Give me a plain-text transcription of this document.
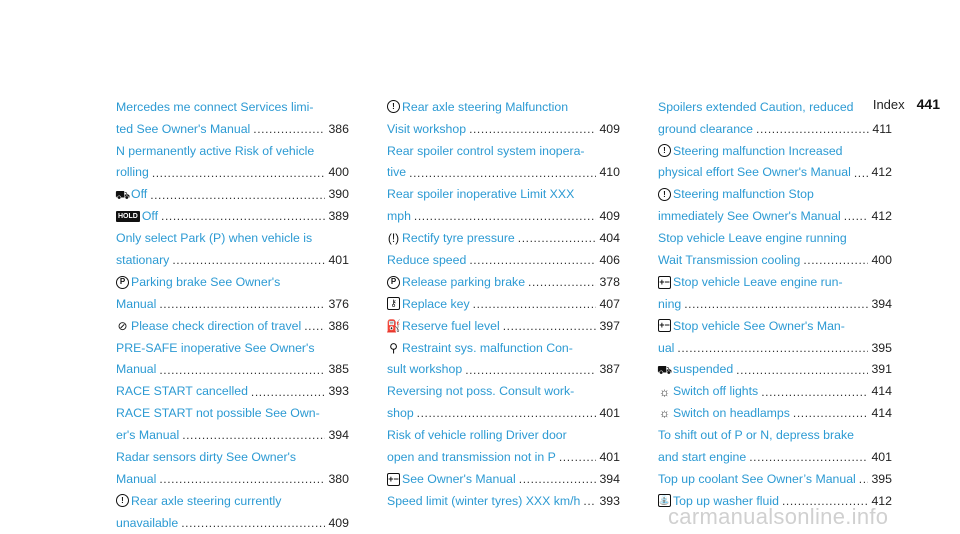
Index 441
Mercedes me connect Services limi-
ted See Owner's Manual .....	386
N permanently active Risk of vehicle
rolling .....	400
⛟ Off .....	390
HOLD Off .....	389
Only select Park (P) when vehicle is
stationary .....	401
P Parking brake See Owner's
Manual .....	376
⊘ Please check direction of travel ..... 386
PRE-SAFE inoperative See Owner's
Manual .....	385
RACE START cancelled .....	393
RACE START not possible See Own-
er's Manual .....	394
Radar sensors dirty See Owner's
Manual .....	380
! Rear axle steering currently
unavailable .....	409
! Rear axle steering Malfunction
Visit workshop .....	409
Rear spoiler control system inopera-
tive .....	410
Rear spoiler inoperative Limit XXX
mph .....	409
(!) Rectify tyre pressure .....	404
Reduce speed .....	406
P Release parking brake .....	378
⚷ Replace key .....	407
⛽ Reserve fuel level .....	397
⚲ Restraint sys. malfunction Con-
sult workshop .....	387
Reversing not poss. Consult work-
shop .....	401
Risk of vehicle rolling Driver door
open and transmission not in P .....	401
+− See Owner's Manual .....	394
Speed limit (winter tyres) XXX km/h ..... 393
Spoilers extended Caution, reduced
ground clearance .....	411
! Steering malfunction Increased
physical effort See Owner's Manual ..... 412
! Steering malfunction Stop
immediately See Owner's Manual ..... 412
Stop vehicle Leave engine running
Wait Transmission cooling .....	400
+− Stop vehicle Leave engine run-
ning .....	394
+− Stop vehicle See Owner's Man-
ual .....	395
⛟ suspended .....	391
☼ Switch off lights .....	414
☼ Switch on headlamps .....	414
To shift out of P or N, depress brake
and start engine .....	401
Top up coolant See Owner’s Manual ..... 395
⛲ Top up washer fluid .....	412
carmanualsonline.info
